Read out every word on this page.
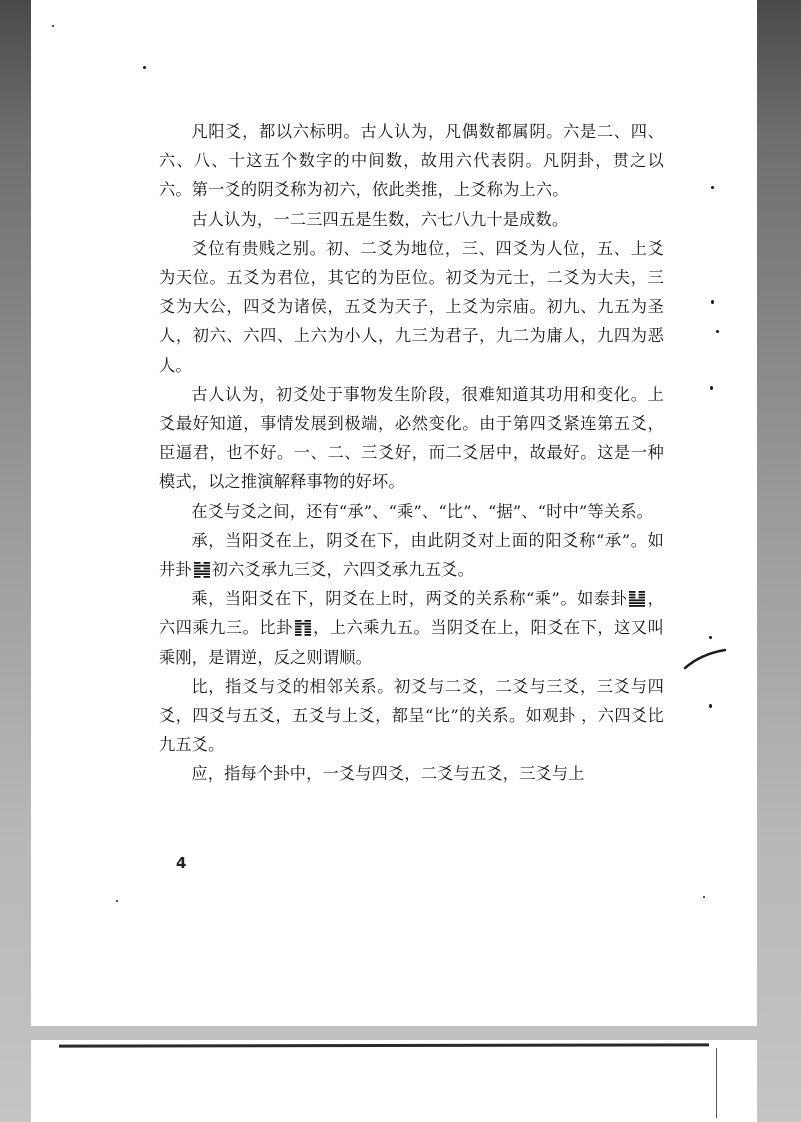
凡阳爻，都以六标明。古人认为，凡偶数都属阴。六是二、四、六、八、十这五个数字的中间数，故用六代表阴。凡阴卦，贯之以六。第一爻的阴爻称为初六，依此类推，上爻称为上六。

古人认为，一二三四五是生数，六七八九十是成数。

爻位有贵贱之别。初、二爻为地位，三、四爻为人位，五、上爻为天位。五爻为君位，其它的为臣位。初爻为元士，二爻为大夫，三爻为大公，四爻为诸侯，五爻为天子，上爻为宗庙。初九、九五为圣人，初六、六四、上六为小人，九三为君子，九二为庸人，九四为恶人。

古人认为，初爻处于事物发生阶段，很难知道其功用和变化。上爻最好知道，事情发展到极端，必然变化。由于第四爻紧连第五爻，臣逼君，也不好。一、二、三爻好，而二爻居中，故最好。这是一种模式，以之推演解释事物的好坏。

在爻与爻之间，还有“承”、“乘”、“比”、“据”、“时中”等关系。

承，当阳爻在上，阴爻在下，由此阴爻对上面的阳爻称“承”。如井卦 初六爻承九三爻，六四爻承九五爻。

乘，当阳爻在下，阴爻在上时，两爻的关系称“乘”。如泰卦 ，六四乘九三。比卦 ，上六乘九五。当阴爻在上，阳爻在下，这又叫乘刚，是谓逆，反之则谓顺。

比，指爻与爻的相邻关系。初爻与二爻，二爻与三爻，三爻与四爻，四爻与五爻，五爻与上爻，都呈“比”的关系。如观卦 ，六四爻比九五爻。

应，指每个卦中，一爻与四爻，二爻与五爻，三爻与上

4
